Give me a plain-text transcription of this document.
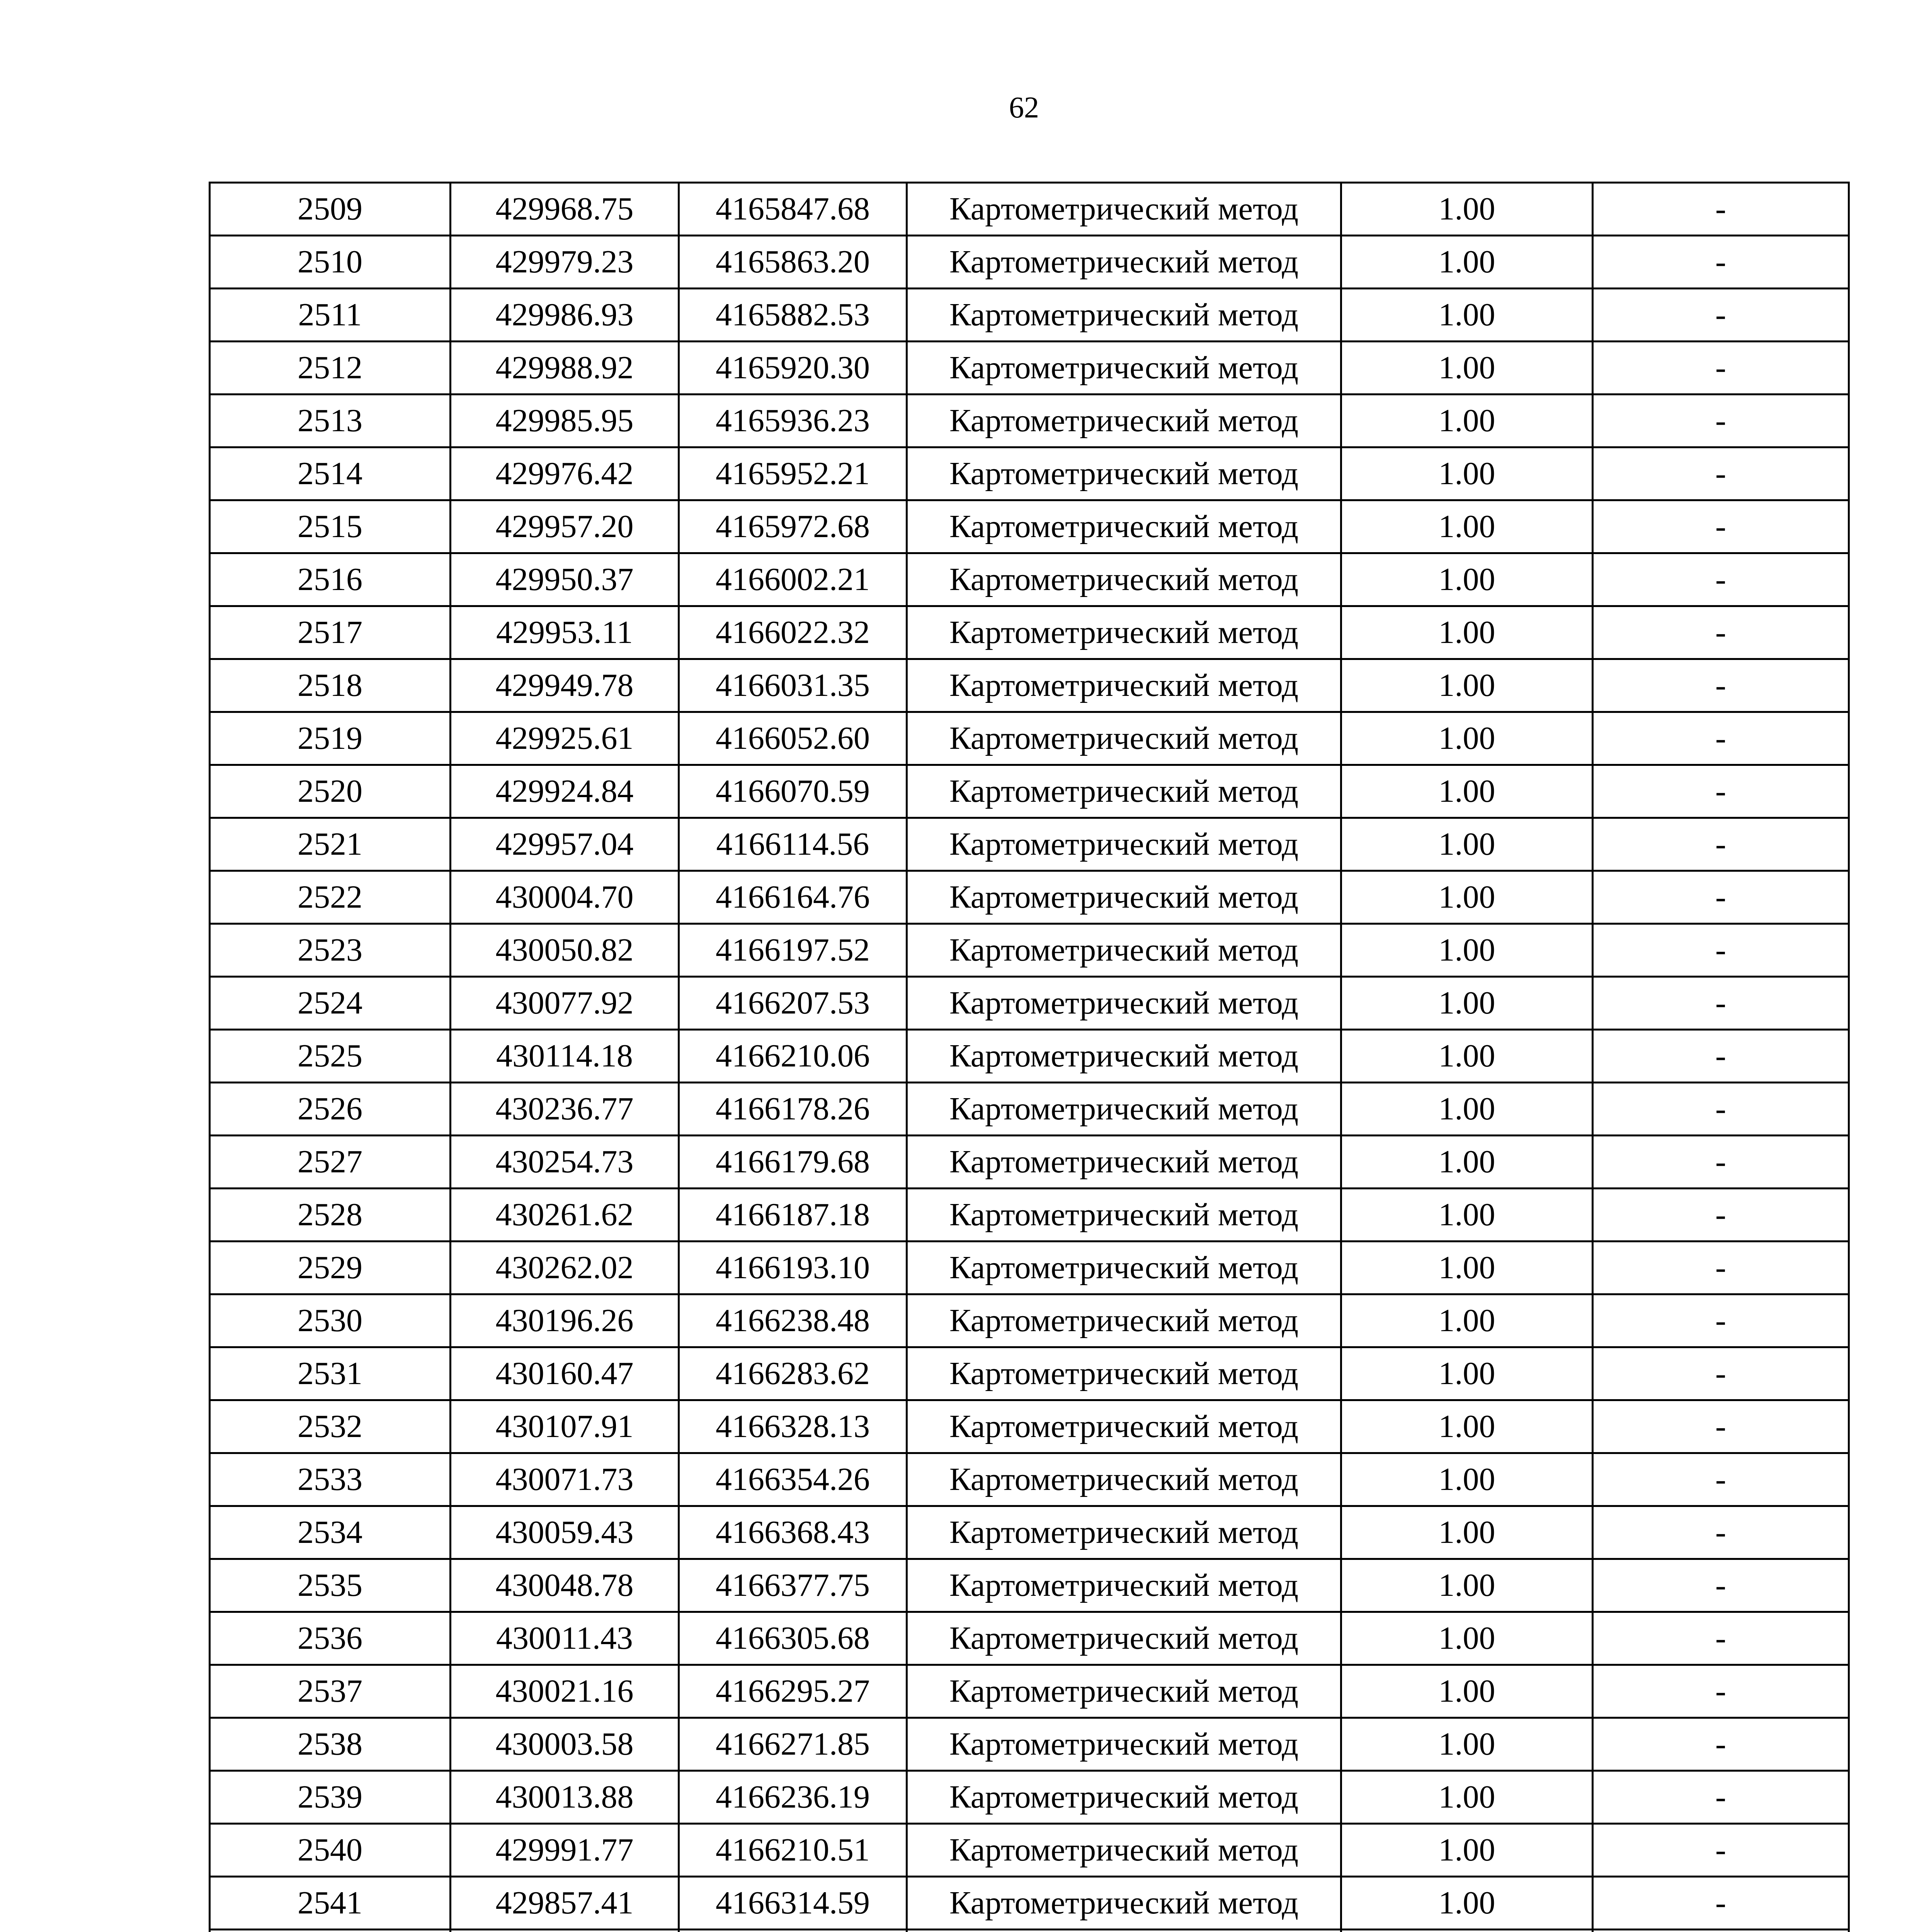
62
2509	429968.75	4165847.68	Картометрический метод	1.00	-
2510	429979.23	4165863.20	Картометрический метод	1.00	-
2511	429986.93	4165882.53	Картометрический метод	1.00	-
2512	429988.92	4165920.30	Картометрический метод	1.00	-
2513	429985.95	4165936.23	Картометрический метод	1.00	-
2514	429976.42	4165952.21	Картометрический метод	1.00	-
2515	429957.20	4165972.68	Картометрический метод	1.00	-
2516	429950.37	4166002.21	Картометрический метод	1.00	-
2517	429953.11	4166022.32	Картометрический метод	1.00	-
2518	429949.78	4166031.35	Картометрический метод	1.00	-
2519	429925.61	4166052.60	Картометрический метод	1.00	-
2520	429924.84	4166070.59	Картометрический метод	1.00	-
2521	429957.04	4166114.56	Картометрический метод	1.00	-
2522	430004.70	4166164.76	Картометрический метод	1.00	-
2523	430050.82	4166197.52	Картометрический метод	1.00	-
2524	430077.92	4166207.53	Картометрический метод	1.00	-
2525	430114.18	4166210.06	Картометрический метод	1.00	-
2526	430236.77	4166178.26	Картометрический метод	1.00	-
2527	430254.73	4166179.68	Картометрический метод	1.00	-
2528	430261.62	4166187.18	Картометрический метод	1.00	-
2529	430262.02	4166193.10	Картометрический метод	1.00	-
2530	430196.26	4166238.48	Картометрический метод	1.00	-
2531	430160.47	4166283.62	Картометрический метод	1.00	-
2532	430107.91	4166328.13	Картометрический метод	1.00	-
2533	430071.73	4166354.26	Картометрический метод	1.00	-
2534	430059.43	4166368.43	Картометрический метод	1.00	-
2535	430048.78	4166377.75	Картометрический метод	1.00	-
2536	430011.43	4166305.68	Картометрический метод	1.00	-
2537	430021.16	4166295.27	Картометрический метод	1.00	-
2538	430003.58	4166271.85	Картометрический метод	1.00	-
2539	430013.88	4166236.19	Картометрический метод	1.00	-
2540	429991.77	4166210.51	Картометрический метод	1.00	-
2541	429857.41	4166314.59	Картометрический метод	1.00	-
